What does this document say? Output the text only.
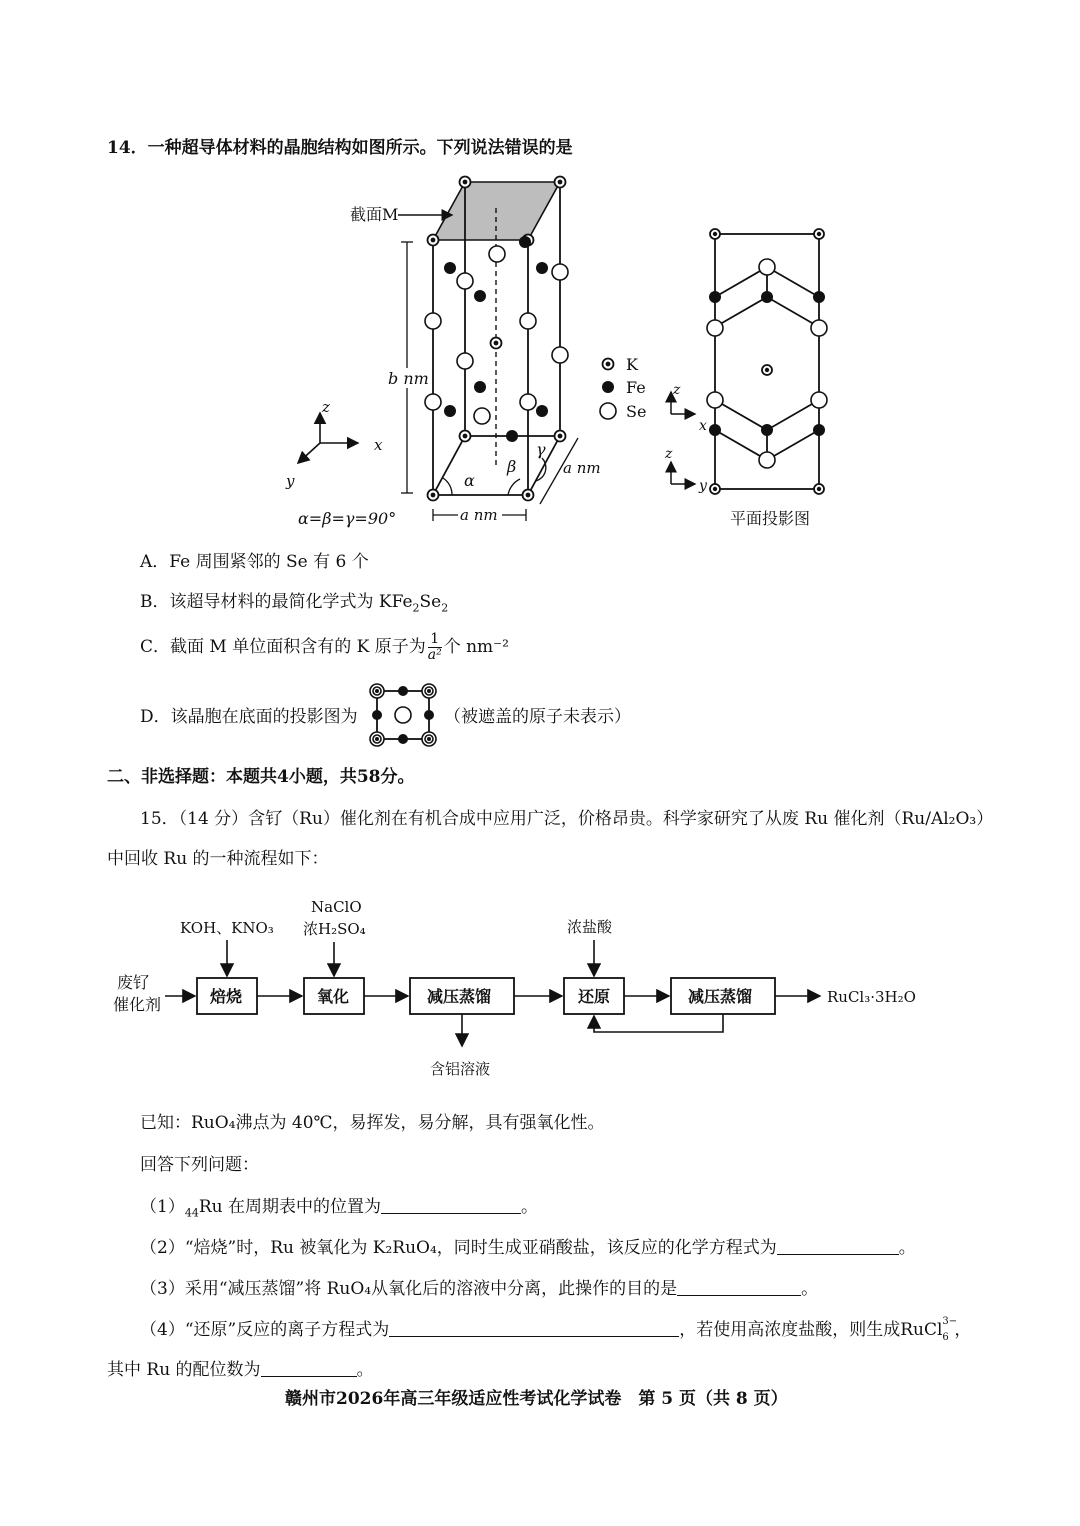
14．一种超导体材料的晶胞结构如图所示。下列说法错误的是
截面M
b nm
a nm
a nm
α
β
γ
α=β=γ=90°
z
x
y
K
Fe
Se
z
x
z
y
平面投影图
A．Fe 周围紧邻的 Se 有 6 个
B．该超导材料的最简化学式为 $KFe_2Se_2$
C．截面 M 单位面积含有的 K 原子为 $\frac{1}{\text{a²}}$ 个 nm⁻²
D．该晶胞在底面的投影图为	（被遮盖的原子未表示）
二、非选择题：本题共4小题，共58分。
15．（14 分）含钌（Ru）催化剂在有机合成中应用广泛，价格昂贵。科学家研究了从废 Ru 催化剂（Ru/Al₂O₃）
中回收 Ru 的一种流程如下：
废钌
催化剂
KOH、KNO₃
NaClO
浓H₂SO₄	浓盐酸
焙烧	氧化	减压蒸馏	还原	减压蒸馏
含铝溶液
RuCl₃·3H₂O
已知：RuO₄沸点为 40℃，易挥发，易分解，具有强氧化性。
回答下列问题：
$(1)_{44}Ru$ 在周期表中的位置为	。
（2）“焙烧”时，Ru 被氧化为 K₂RuO₄，同时生成亚硝酸盐，该反应的化学方程式为	。
（3）采用“减压蒸馏”将 RuO₄从氧化后的溶液中分离，此操作的目的是	。
（4）“还原”反应的离子方程式为	，若使用高浓度盐酸，则生成RuCl 3−
6 ，
其中 Ru 的配位数为	。
赣州市2026年高三年级适应性考试化学试卷　第 5 页（共 8 页）
